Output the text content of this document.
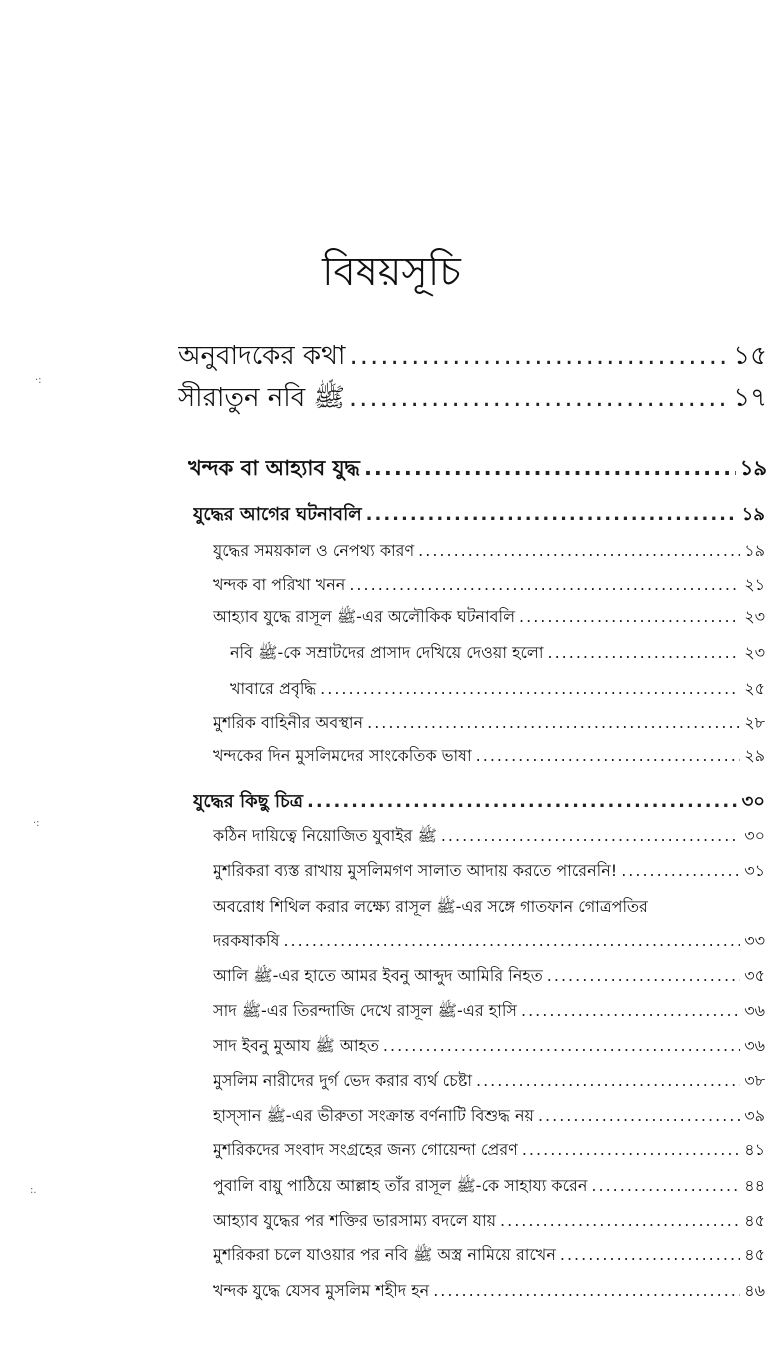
বিষয়সূচি
অনুবাদকের কথা .....	১৫
সীরাতুন নবি ﷺ .....	১৭
খন্দক বা আহ্যাব যুদ্ধ .....	১৯
যুদ্ধের আগের ঘটনাবলি .....	১৯
যুদ্ধের সময়কাল ও নেপথ্য কারণ .....	১৯
খন্দক বা পরিখা খনন .....	২১
আহ্যাব যুদ্ধে রাসূল ﷺ-এর অলৌকিক ঘটনাবলি .....	২৩
নবি ﷺ-কে সম্রাটদের প্রাসাদ দেখিয়ে দেওয়া হলো .....	২৩
খাবারে প্রবৃদ্ধি .....	২৫
মুশরিক বাহিনীর অবস্থান .....	২৮
খন্দকের দিন মুসলিমদের সাংকেতিক ভাষা .....	২৯
যুদ্ধের কিছু চিত্র .....	৩০
কঠিন দায়িত্বে নিয়োজিত যুবাইর ﷺ .....	৩০
মুশরিকরা ব্যস্ত রাখায় মুসলিমগণ সালাত আদায় করতে পারেননি! .....	৩১
অবরোধ শিথিল করার লক্ষ্যে রাসূল ﷺ-এর সঙ্গে গাতফান গোত্রপতির
দরকষাকষি .....	৩৩
আলি ﷺ-এর হাতে আমর ইবনু আব্দুদ আমিরি নিহত .....	৩৫
সাদ ﷺ-এর তিরন্দাজি দেখে রাসূল ﷺ-এর হাসি .....	৩৬
সাদ ইবনু মুআয ﷺ আহত .....	৩৬
মুসলিম নারীদের দুর্গ ভেদ করার ব্যর্থ চেষ্টা .....	৩৮
হাস্সান ﷺ-এর ভীরুতা সংক্রান্ত বর্ণনাটি বিশুদ্ধ নয় .....	৩৯
মুশরিকদের সংবাদ সংগ্রহের জন্য গোয়েন্দা প্রেরণ .....	৪১
পুবালি বায়ু পাঠিয়ে আল্লাহ তাঁর রাসূল ﷺ-কে সাহায্য করেন .....	৪৪
আহ্যাব যুদ্ধের পর শক্তির ভারসাম্য বদলে যায় .....	৪৫
মুশরিকরা চলে যাওয়ার পর নবি ﷺ অস্ত্র নামিয়ে রাখেন .....	৪৫
খন্দক যুদ্ধে যেসব মুসলিম শহীদ হন .....	৪৬
·:
·:
:.
